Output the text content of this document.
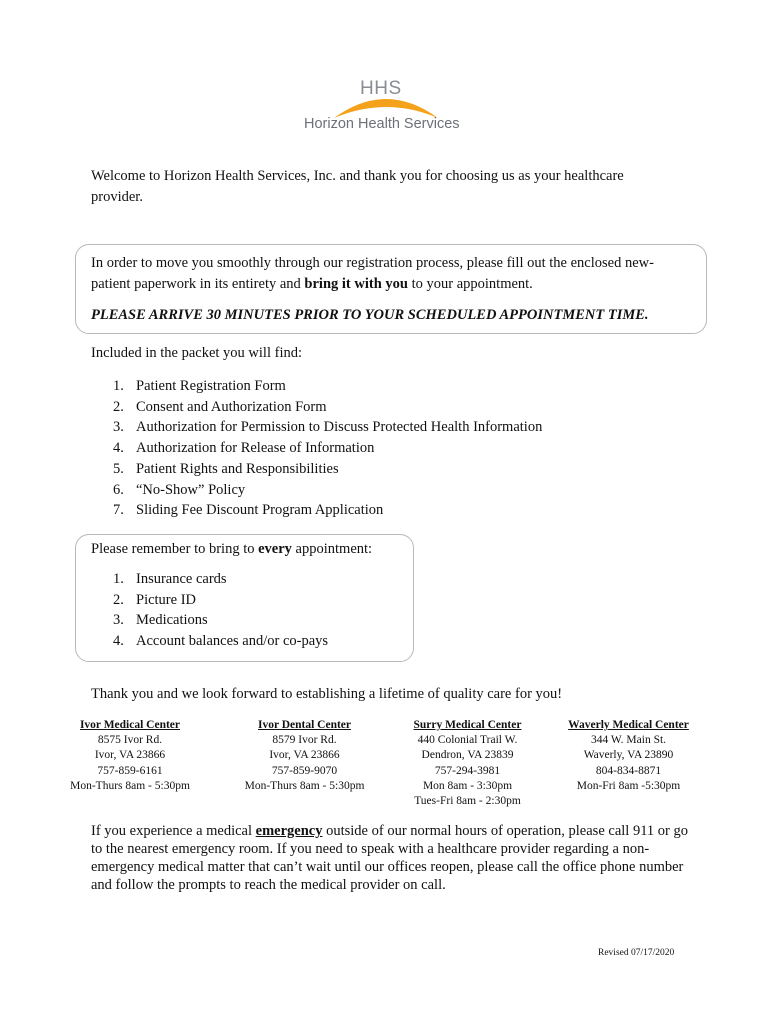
HHS
Horizon Health Services
Welcome to Horizon Health Services, Inc. and thank you for choosing us as your healthcare provider.
In order to move you smoothly through our registration process, please fill out the enclosed new-patient paperwork in its entirety and bring it with you to your appointment.
PLEASE ARRIVE 30 MINUTES PRIOR TO YOUR SCHEDULED APPOINTMENT TIME.
Included in the packet you will find:
1. Patient Registration Form
2. Consent and Authorization Form
3. Authorization for Permission to Discuss Protected Health Information
4. Authorization for Release of Information
5. Patient Rights and Responsibilities
6. “No-Show” Policy
7. Sliding Fee Discount Program Application
Please remember to bring to every appointment:
1. Insurance cards
2. Picture ID
3. Medications
4. Account balances and/or co-pays
Thank you and we look forward to establishing a lifetime of quality care for you!
Ivor Medical Center
8575 Ivor Rd.
Ivor, VA 23866
757-859-6161
Mon-Thurs 8am - 5:30pm
Ivor Dental Center
8579 Ivor Rd.
Ivor, VA 23866
757-859-9070
Mon-Thurs 8am - 5:30pm
Surry Medical Center
440 Colonial Trail W.
Dendron, VA 23839
757-294-3981
Mon 8am - 3:30pm
Tues-Fri 8am - 2:30pm
Waverly Medical Center
344 W. Main St.
Waverly, VA 23890
804-834-8871
Mon-Fri 8am -5:30pm
If you experience a medical emergency outside of our normal hours of operation, please call 911 or go to the nearest emergency room. If you need to speak with a healthcare provider regarding a non-emergency medical matter that can’t wait until our offices reopen, please call the office phone number and follow the prompts to reach the medical provider on call.
Revised 07/17/2020
